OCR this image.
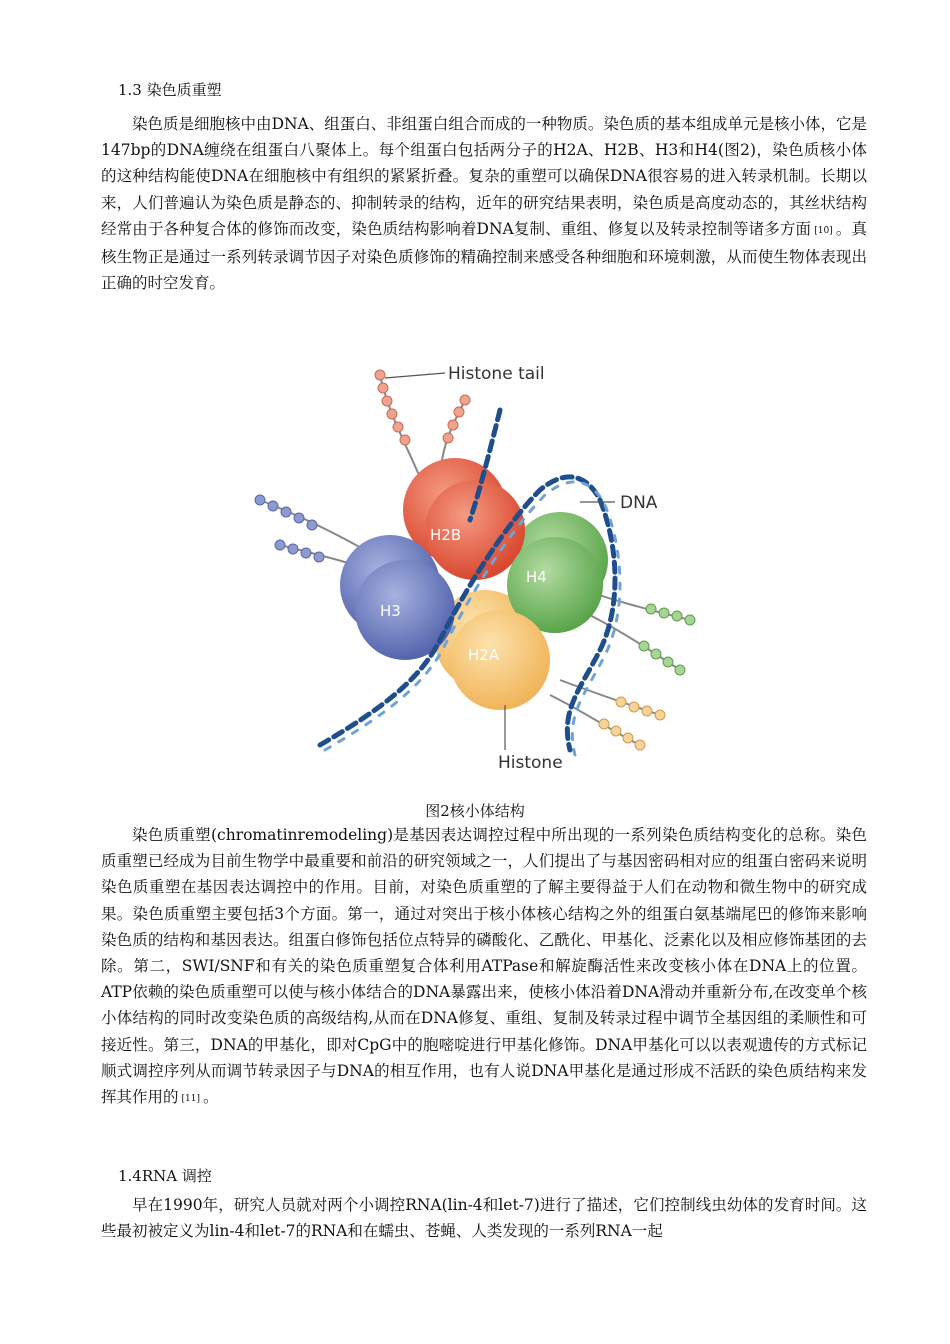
1.3 染色质重塑

染色质是细胞核中由DNA、组蛋白、非组蛋白组合而成的一种物质。染色质的基本组成单元是核小体，它是147bp的DNA缠绕在组蛋白八聚体上。每个组蛋白包括两分子的H2A、H2B、H3和H4(图2)，染色质核小体的这种结构能使DNA在细胞核中有组织的紧紧折叠。复杂的重塑可以确保DNA很容易的进入转录机制。长期以来，人们普遍认为染色质是静态的、抑制转录的结构，近年的研究结果表明，染色质是高度动态的，其丝状结构经常由于各种复合体的修饰而改变，染色质结构影响着DNA复制、重组、修复以及转录控制等诸多方面 [10] 。真核生物正是通过一系列转录调节因子对染色质修饰的精确控制来感受各种细胞和环境刺激，从而使生物体表现出正确的时空发育。

Histone tail
DNA
H2B
H4
H3
H2A
Histone
图2核小体结构

染色质重塑(chromatinremodeling)是基因表达调控过程中所出现的一系列染色质结构变化的总称。染色质重塑已经成为目前生物学中最重要和前沿的研究领域之一，人们提出了与基因密码相对应的组蛋白密码来说明染色质重塑在基因表达调控中的作用。目前，对染色质重塑的了解主要得益于人们在动物和微生物中的研究成果。染色质重塑主要包括3个方面。第一，通过对突出于核小体核心结构之外的组蛋白氨基端尾巴的修饰来影响染色质的结构和基因表达。组蛋白修饰包括位点特异的磷酸化、乙酰化、甲基化、泛素化以及相应修饰基团的去除。第二，SWI/SNF和有关的染色质重塑复合体利用ATPase和解旋酶活性来改变核小体在DNA上的位置。ATP依赖的染色质重塑可以使与核小体结合的DNA暴露出来，使核小体沿着DNA滑动并重新分布,在改变单个核小体结构的同时改变染色质的高级结构,从而在DNA修复、重组、复制及转录过程中调节全基因组的柔顺性和可接近性。第三，DNA的甲基化，即对CpG中的胞嘧啶进行甲基化修饰。DNA甲基化可以以表观遗传的方式标记顺式调控序列从而调节转录因子与DNA的相互作用，也有人说DNA甲基化是通过形成不活跃的染色质结构来发挥其作用的 [11] 。

1.4RNA 调控

早在1990年，研究人员就对两个小调控RNA(lin-4和let-7)进行了描述，它们控制线虫幼体的发育时间。这些最初被定义为lin-4和let-7的RNA和在蠕虫、苍蝇、人类发现的一系列RNA一起
